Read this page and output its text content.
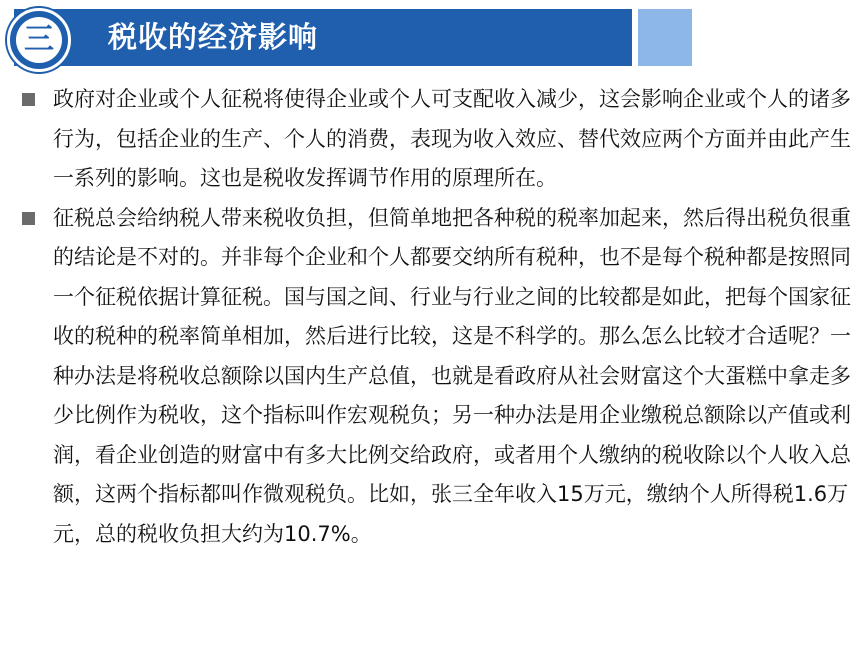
三 税收的经济影响
政府对企业或个人征税将使得企业或个人可支配收入减少，这会影响企业或个人的诸多行为，包括企业的生产、个人的消费，表现为收入效应、替代效应两个方面并由此产生一系列的影响。这也是税收发挥调节作用的原理所在。
征税总会给纳税人带来税收负担，但简单地把各种税的税率加起来，然后得出税负很重的结论是不对的。并非每个企业和个人都要交纳所有税种，也不是每个税种都是按照同一个征税依据计算征税。国与国之间、行业与行业之间的比较都是如此，把每个国家征收的税种的税率简单相加，然后进行比较，这是不科学的。那么怎么比较才合适呢？一种办法是将税收总额除以国内生产总值，也就是看政府从社会财富这个大蛋糕中拿走多少比例作为税收，这个指标叫作宏观税负；另一种办法是用企业缴税总额除以产值或利润，看企业创造的财富中有多大比例交给政府，或者用个人缴纳的税收除以个人收入总额，这两个指标都叫作微观税负。比如，张三全年收入15万元，缴纳个人所得税1.6万元，总的税收负担大约为10.7%。
